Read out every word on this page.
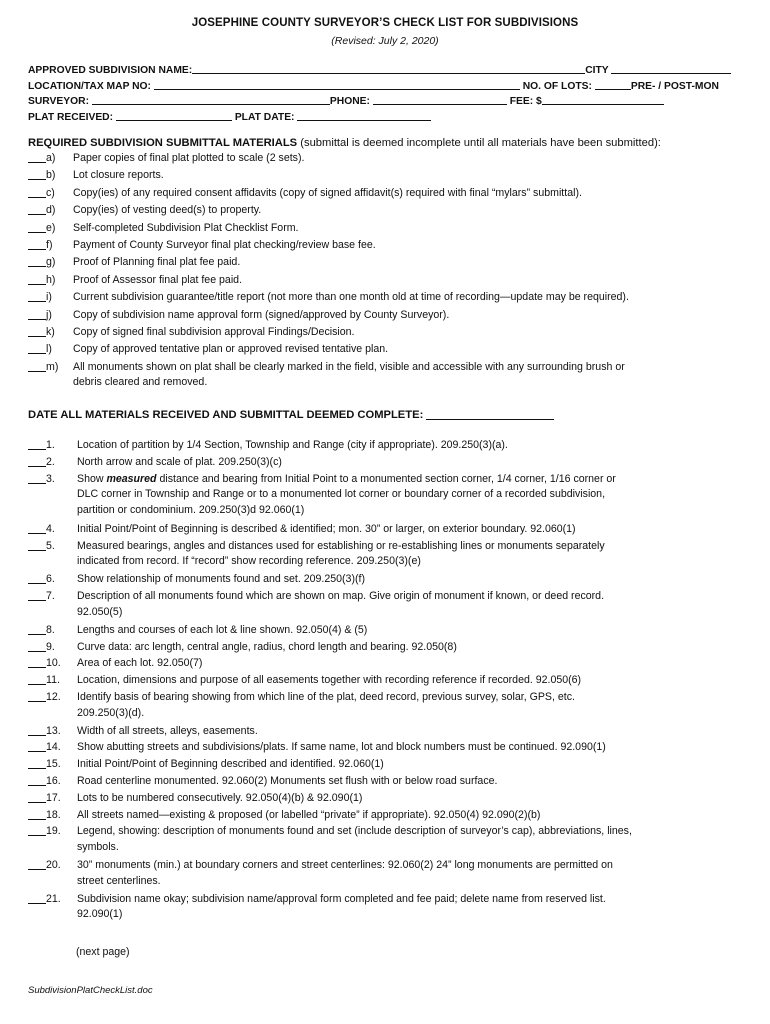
JOSEPHINE COUNTY SURVEYOR’S CHECK LIST FOR SUBDIVISIONS
(Revised: July 2, 2020)
APPROVED SUBDIVISION NAME:	CITY
LOCATION/TAX MAP NO:	NO. OF LOTS:	PRE- / POST-MON
SURVEYOR:	PHONE:	FEE: $
PLAT RECEIVED:	PLAT DATE:
REQUIRED SUBDIVISION SUBMITTAL MATERIALS (submittal is deemed incomplete until all materials have been submitted):
a) Paper copies of final plat plotted to scale (2 sets).
b) Lot closure reports.
c) Copy(ies) of any required consent affidavits (copy of signed affidavit(s) required with final “mylars” submittal).
d) Copy(ies) of vesting deed(s) to property.
e) Self-completed Subdivision Plat Checklist Form.
f) Payment of County Surveyor final plat checking/review base fee.
g) Proof of Planning final plat fee paid.
h) Proof of Assessor final plat fee paid.
i) Current subdivision guarantee/title report (not more than one month old at time of recording—update may be required).
j) Copy of subdivision name approval form (signed/approved by County Surveyor).
k) Copy of signed final subdivision approval Findings/Decision.
l) Copy of approved tentative plan or approved revised tentative plan.
m) All monuments shown on plat shall be clearly marked in the field, visible and accessible with any surrounding brush or
debris cleared and removed.
DATE ALL MATERIALS RECEIVED AND SUBMITTAL DEEMED COMPLETE:
1. Location of partition by 1/4 Section, Township and Range (city if appropriate). 209.250(3)(a).
2. North arrow and scale of plat. 209.250(3)(c)
3. Show measured distance and bearing from Initial Point to a monumented section corner, 1/4 corner, 1/16 corner or
DLC corner in Township and Range or to a monumented lot corner or boundary corner of a recorded subdivision,
partition or condominium. 209.250(3)d 92.060(1)
4. Initial Point/Point of Beginning is described & identified; mon. 30” or larger, on exterior boundary. 92.060(1)
5. Measured bearings, angles and distances used for establishing or re-establishing lines or monuments separately
indicated from record. If “record” show recording reference. 209.250(3)(e)
6. Show relationship of monuments found and set. 209.250(3)(f)
7. Description of all monuments found which are shown on map. Give origin of monument if known, or deed record.
92.050(5)
8. Lengths and courses of each lot & line shown. 92.050(4) & (5)
9. Curve data: arc length, central angle, radius, chord length and bearing. 92.050(8)
10. Area of each lot. 92.050(7)
11. Location, dimensions and purpose of all easements together with recording reference if recorded. 92.050(6)
12. Identify basis of bearing showing from which line of the plat, deed record, previous survey, solar, GPS, etc.
209.250(3)(d).
13. Width of all streets, alleys, easements.
14. Show abutting streets and subdivisions/plats. If same name, lot and block numbers must be continued. 92.090(1)
15. Initial Point/Point of Beginning described and identified. 92.060(1)
16. Road centerline monumented. 92.060(2) Monuments set flush with or below road surface.
17. Lots to be numbered consecutively. 92.050(4)(b) & 92.090(1)
18. All streets named—existing & proposed (or labelled “private” if appropriate). 92.050(4) 92.090(2)(b)
19. Legend, showing: description of monuments found and set (include description of surveyor’s cap), abbreviations, lines,
symbols.
20. 30” monuments (min.) at boundary corners and street centerlines: 92.060(2) 24” long monuments are permitted on
street centerlines.
21. Subdivision name okay; subdivision name/approval form completed and fee paid; delete name from reserved list.
92.090(1)
(next page)
SubdivisionPlatCheckList.doc
